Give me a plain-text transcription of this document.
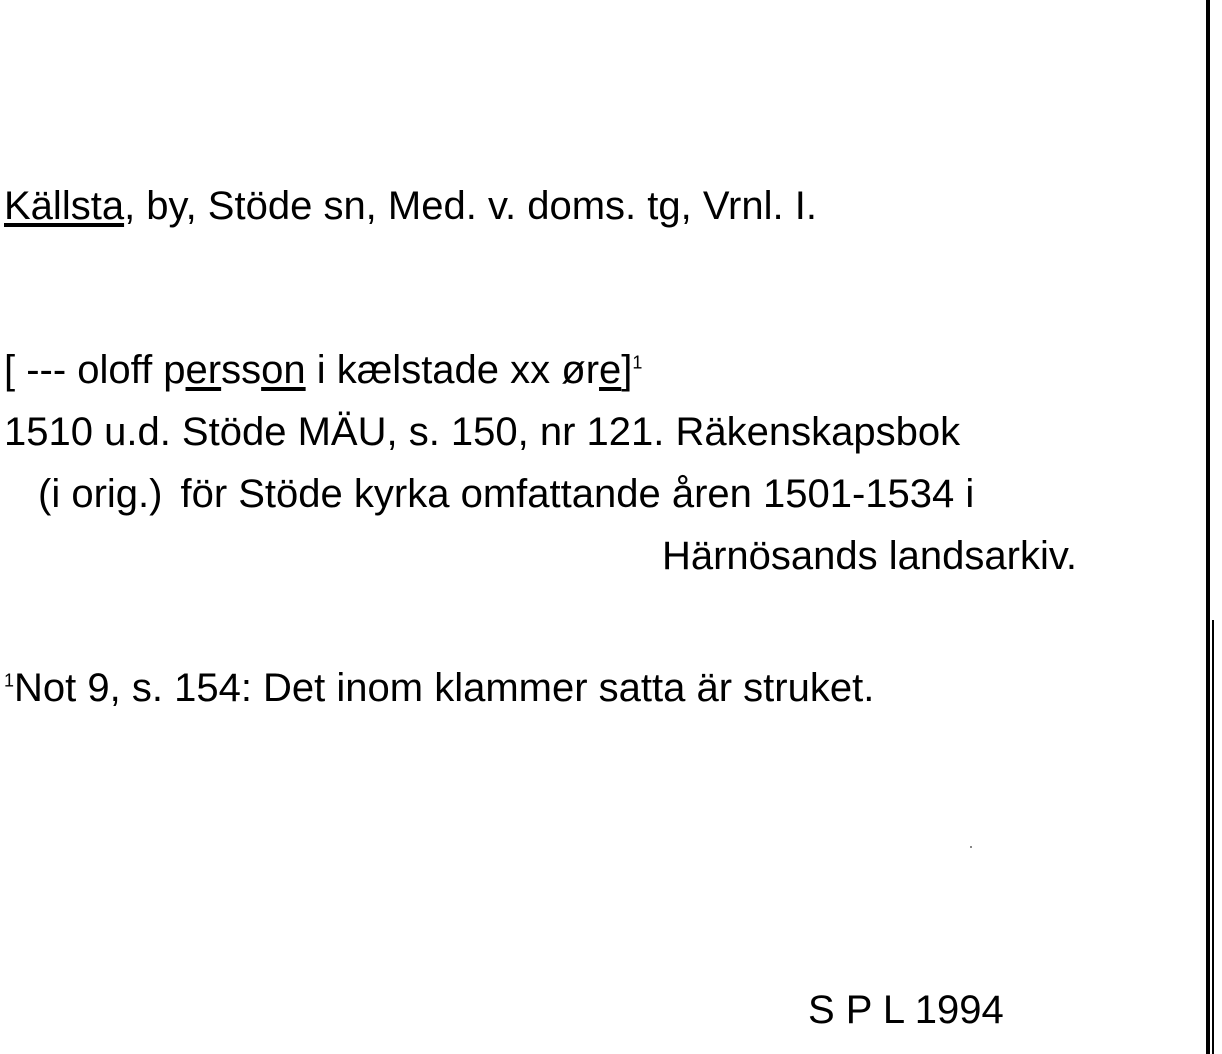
Källsta, by, Stöde sn, Med. v. doms. tg, Vrnl. I.
[ --- oloff persson i kælstade xx øre]$^1$
1510 u.d. Stöde MÄU, s. 150, nr 121. Räkenskapsbok
(i orig.) för Stöde kyrka omfattande åren 1501-1534 i
Härnösands landsarkiv.
$^1$Not 9, s. 154: Det inom klammer satta är struket.
S P L 1994
